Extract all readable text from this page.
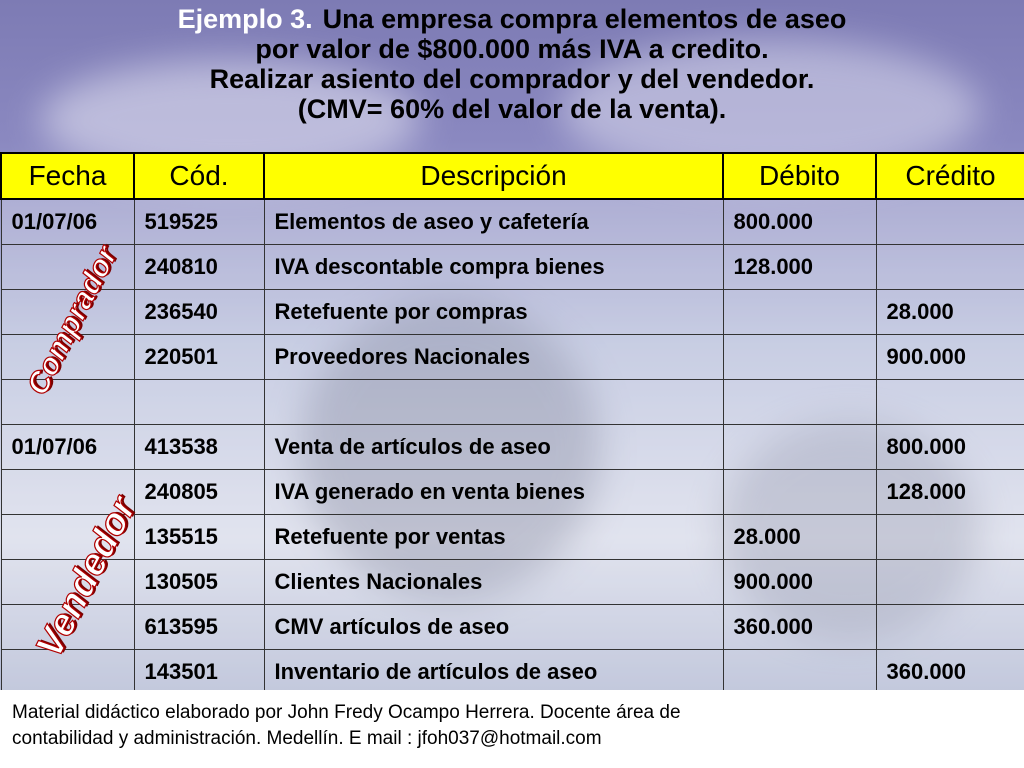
Ejemplo 3. Una empresa compra elementos de aseo
por valor de $800.000 más IVA a credito.
Realizar asiento del comprador y del vendedor.
(CMV= 60% del valor de la venta).
Fecha	Cód.	Descripción	Débito	Crédito
01/07/06	519525	Elementos de aseo y cafetería	800.000	
	240810	IVA descontable compra bienes	128.000	
	236540	Retefuente por compras		28.000
	220501	Proveedores Nacionales		900.000

01/07/06	413538	Venta de artículos de aseo		800.000
	240805	IVA generado en venta bienes		128.000
	135515	Retefuente por ventas	28.000	
	130505	Clientes Nacionales	900.000	
	613595	CMV artículos de aseo	360.000	
	143501	Inventario de artículos de aseo		360.000
Comprador
Vendedor
Material didáctico elaborado por John Fredy Ocampo Herrera. Docente área de
contabilidad y administración. Medellín. E mail : jfoh037@hotmail.com
